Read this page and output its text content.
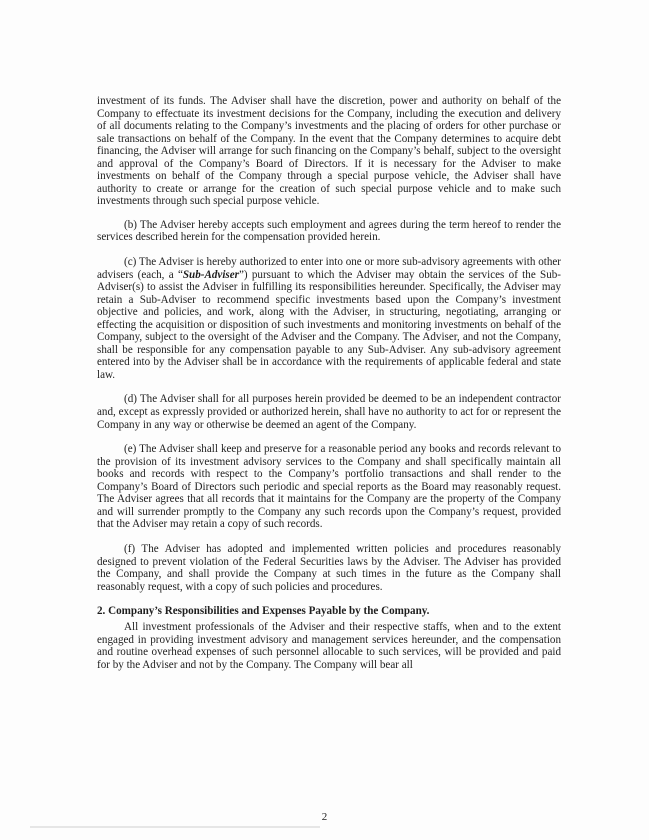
investment of its funds. The Adviser shall have the discretion, power and authority on behalf of the Company to effectuate its investment decisions for the Company, including the execution and delivery of all documents relating to the Company’s investments and the placing of orders for other purchase or sale transactions on behalf of the Company. In the event that the Company determines to acquire debt financing, the Adviser will arrange for such financing on the Company’s behalf, subject to the oversight and approval of the Company’s Board of Directors. If it is necessary for the Adviser to make investments on behalf of the Company through a special purpose vehicle, the Adviser shall have authority to create or arrange for the creation of such special purpose vehicle and to make such investments through such special purpose vehicle.

(b) The Adviser hereby accepts such employment and agrees during the term hereof to render the services described herein for the compensation provided herein.

(c) The Adviser is hereby authorized to enter into one or more sub-advisory agreements with other advisers (each, a “Sub-Adviser”) pursuant to which the Adviser may obtain the services of the Sub-Adviser(s) to assist the Adviser in fulfilling its responsibilities hereunder. Specifically, the Adviser may retain a Sub-Adviser to recommend specific investments based upon the Company’s investment objective and policies, and work, along with the Adviser, in structuring, negotiating, arranging or effecting the acquisition or disposition of such investments and monitoring investments on behalf of the Company, subject to the oversight of the Adviser and the Company. The Adviser, and not the Company, shall be responsible for any compensation payable to any Sub-Adviser. Any sub-advisory agreement entered into by the Adviser shall be in accordance with the requirements of applicable federal and state law.

(d) The Adviser shall for all purposes herein provided be deemed to be an independent contractor and, except as expressly provided or authorized herein, shall have no authority to act for or represent the Company in any way or otherwise be deemed an agent of the Company.

(e) The Adviser shall keep and preserve for a reasonable period any books and records relevant to the provision of its investment advisory services to the Company and shall specifically maintain all books and records with respect to the Company’s portfolio transactions and shall render to the Company’s Board of Directors such periodic and special reports as the Board may reasonably request. The Adviser agrees that all records that it maintains for the Company are the property of the Company and will surrender promptly to the Company any such records upon the Company’s request, provided that the Adviser may retain a copy of such records.

(f) The Adviser has adopted and implemented written policies and procedures reasonably designed to prevent violation of the Federal Securities laws by the Adviser. The Adviser has provided the Company, and shall provide the Company at such times in the future as the Company shall reasonably request, with a copy of such policies and procedures.

2. Company’s Responsibilities and Expenses Payable by the Company.

All investment professionals of the Adviser and their respective staffs, when and to the extent engaged in providing investment advisory and management services hereunder, and the compensation and routine overhead expenses of such personnel allocable to such services, will be provided and paid for by the Adviser and not by the Company. The Company will bear all

2
